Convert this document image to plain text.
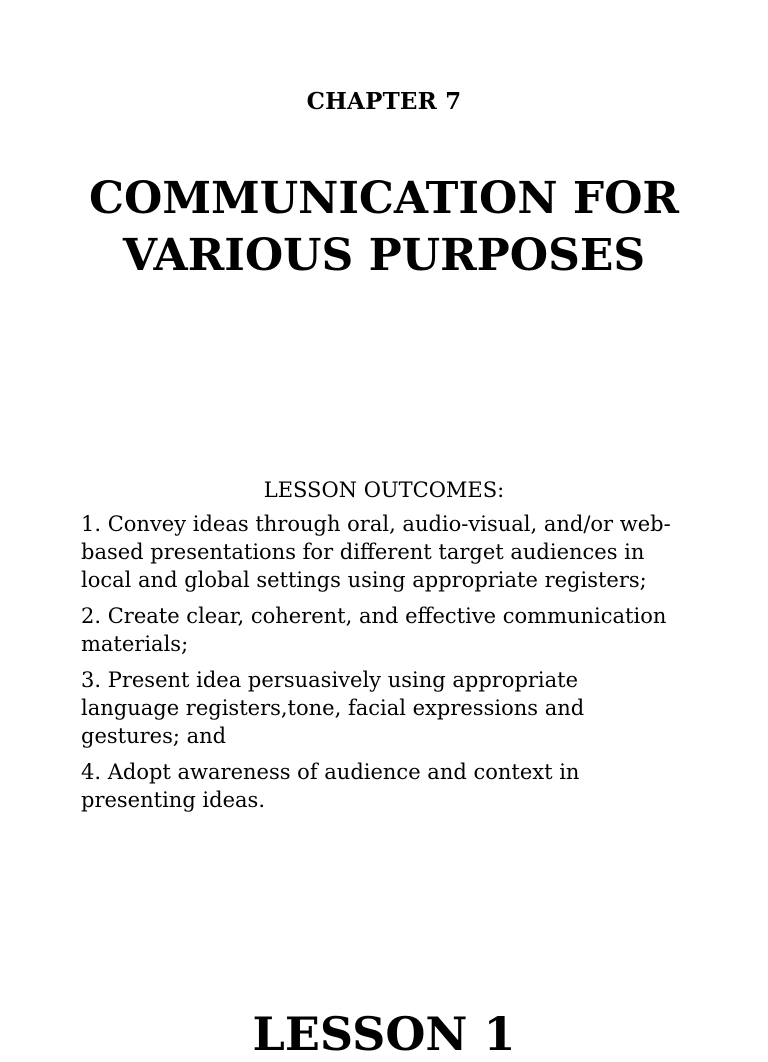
CHAPTER 7
COMMUNICATION FOR
VARIOUS PURPOSES
LESSON OUTCOMES:
1. Convey ideas through oral, audio-visual, and/or web-
based presentations for different target audiences in
local and global settings using appropriate registers;
2. Create clear, coherent, and effective communication
materials;
3. Present idea persuasively using appropriate
language registers,tone, facial expressions and
gestures; and
4. Adopt awareness of audience and context in
presenting ideas.
LESSON 1
